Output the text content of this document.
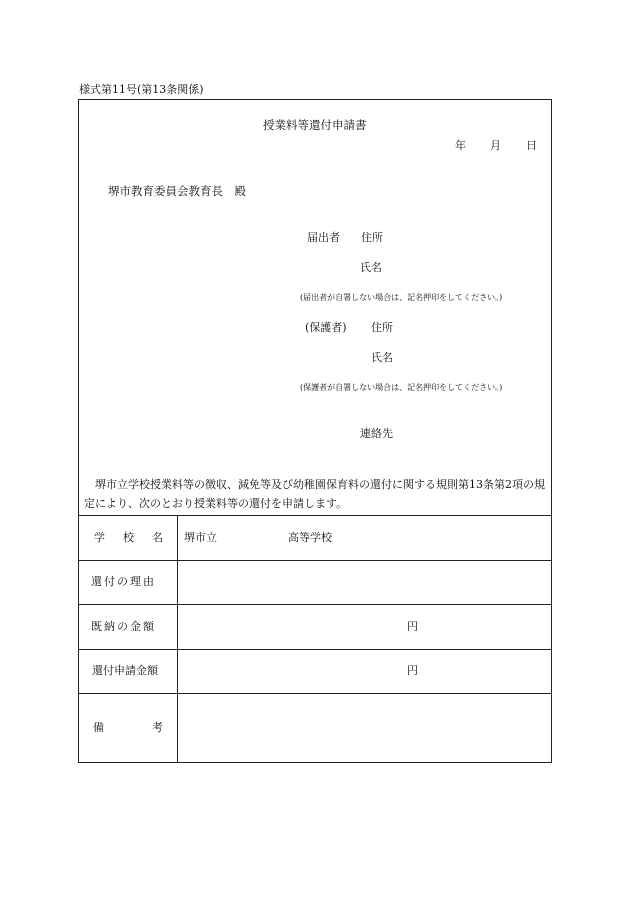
様式第11号(第13条関係)
授業料等還付申請書
年 月 日
堺市教育委員会教育長　殿
届出者 住所
氏名
(届出者が自署しない場合は、記名押印をしてください。)
(保護者) 住所
氏名
(保護者が自署しない場合は、記名押印をしてください。)
連絡先
堺市立学校授業料等の徴収、減免等及び幼稚園保育料の還付に関する規則第13条第2項の規定により、次のとおり授業料等の還付を申請します。
学 校 名 堺市立	高等学校
還付の理由
既納の金額	円
還付申請金額	円
備	考
